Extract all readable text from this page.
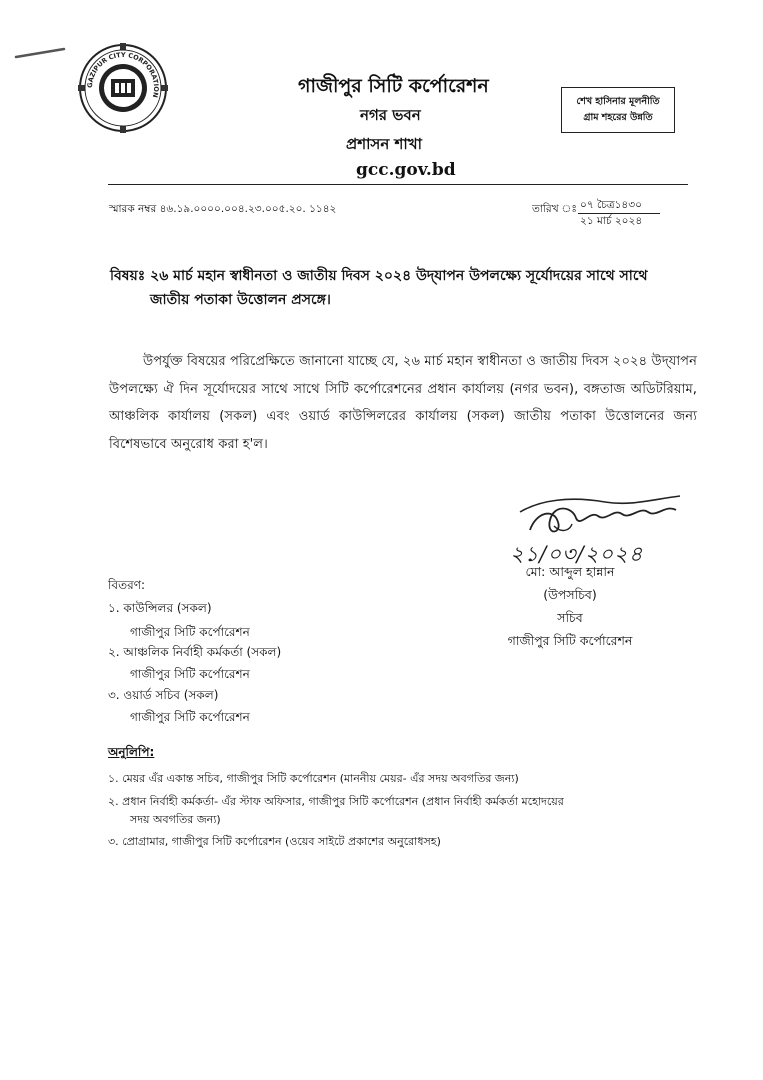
GAZIPUR CITY CORPORATION	গাজীপুর সিটি কর্পোরেশন
নগর ভবন
প্রশাসন শাখা
gcc.gov.bd
শেখ হাসিনার মূলনীতি
গ্রাম শহরের উন্নতি
স্মারক নম্বর ৪৬.১৯.০০০০.০০৪.২৩.০০৫.২০. ১১৪২	তারিখ ঃ ০৭ চৈত্র১৪৩০
২১ মার্চ ২০২৪
বিষয়ঃ ২৬ মার্চ মহান স্বাধীনতা ও জাতীয় দিবস ২০২৪ উদ্‌যাপন উপলক্ষ্যে সূর্যোদয়ের সাথে সাথে
জাতীয় পতাকা উত্তোলন প্রসঙ্গে।
উপর্যুক্ত বিষয়ের পরিপ্রেক্ষিতে জানানো যাচ্ছে যে, ২৬ মার্চ মহান স্বাধীনতা ও জাতীয় দিবস ২০২৪ উদ্‌যাপন উপলক্ষ্যে ঐ দিন সূর্যোদয়ের সাথে সাথে সিটি কর্পোরেশনের প্রধান কার্যালয় (নগর ভবন), বঙ্গতাজ অডিটরিয়াম, আঞ্চলিক কার্যালয় (সকল) এবং ওয়ার্ড কাউন্সিলরের কার্যালয় (সকল) জাতীয় পতাকা উত্তোলনের জন্য বিশেষভাবে অনুরোধ করা হ'ল।
২১/০৩/২০২৪
মো: আব্দুল হান্নান
(উপসচিব)
সচিব
গাজীপুর সিটি কর্পোরেশন
বিতরণ:
১. কাউন্সিলর (সকল)
গাজীপুর সিটি কর্পোরেশন
২. আঞ্চলিক নির্বাহী কর্মকর্তা (সকল)
গাজীপুর সিটি কর্পোরেশন
৩. ওয়ার্ড সচিব (সকল)
গাজীপুর সিটি কর্পোরেশন
অনুলিপি:
১. মেয়র এঁর একান্ত সচিব, গাজীপুর সিটি কর্পোরেশন (মাননীয় মেয়র- এঁর সদয় অবগতির জন্য)
২. প্রধান নির্বাহী কর্মকর্তা- এঁর স্টাফ অফিসার, গাজীপুর সিটি কর্পোরেশন (প্রধান নির্বাহী কর্মকর্তা মহোদয়ের
সদয় অবগতির জন্য)
৩. প্রোগ্রামার, গাজীপুর সিটি কর্পোরেশন (ওয়েব সাইটে প্রকাশের অনুরোধসহ)
